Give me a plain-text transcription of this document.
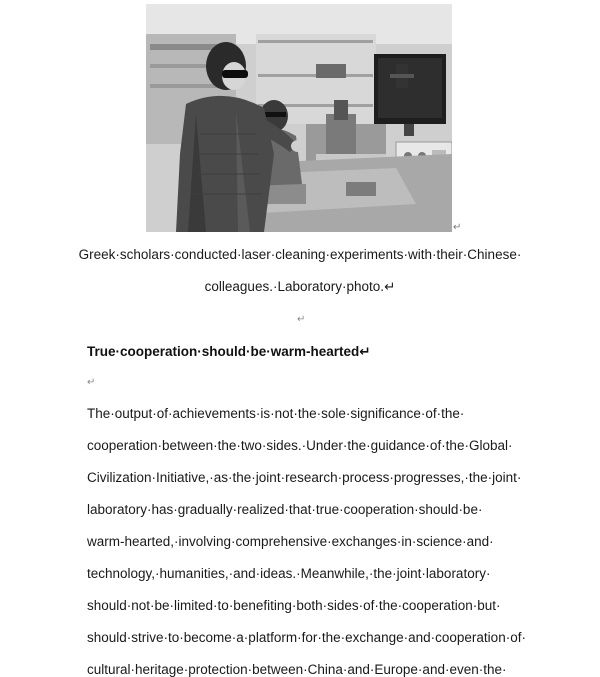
↵
Greek·scholars·conducted·laser·cleaning·experiments·with·their·Chinese·
colleagues.·Laboratory·photo.↵
↵
True·cooperation·should·be·warm-hearted↵
↵
The·output·of·achievements·is·not·the·sole·significance·of·the·
cooperation·between·the·two·sides.·Under·the·guidance·of·the·Global·
Civilization·Initiative,·as·the·joint·research·process·progresses,·the·joint·
laboratory·has·gradually·realized·that·true·cooperation·should·be·
warm-hearted,·involving·comprehensive·exchanges·in·science·and·
technology,·humanities,·and·ideas.·Meanwhile,·the·joint·laboratory·
should·not·be·limited·to·benefiting·both·sides·of·the·cooperation·but·
should·strive·to·become·a·platform·for·the·exchange·and·cooperation·of·
cultural·heritage·protection·between·China·and·Europe·and·even·the·
